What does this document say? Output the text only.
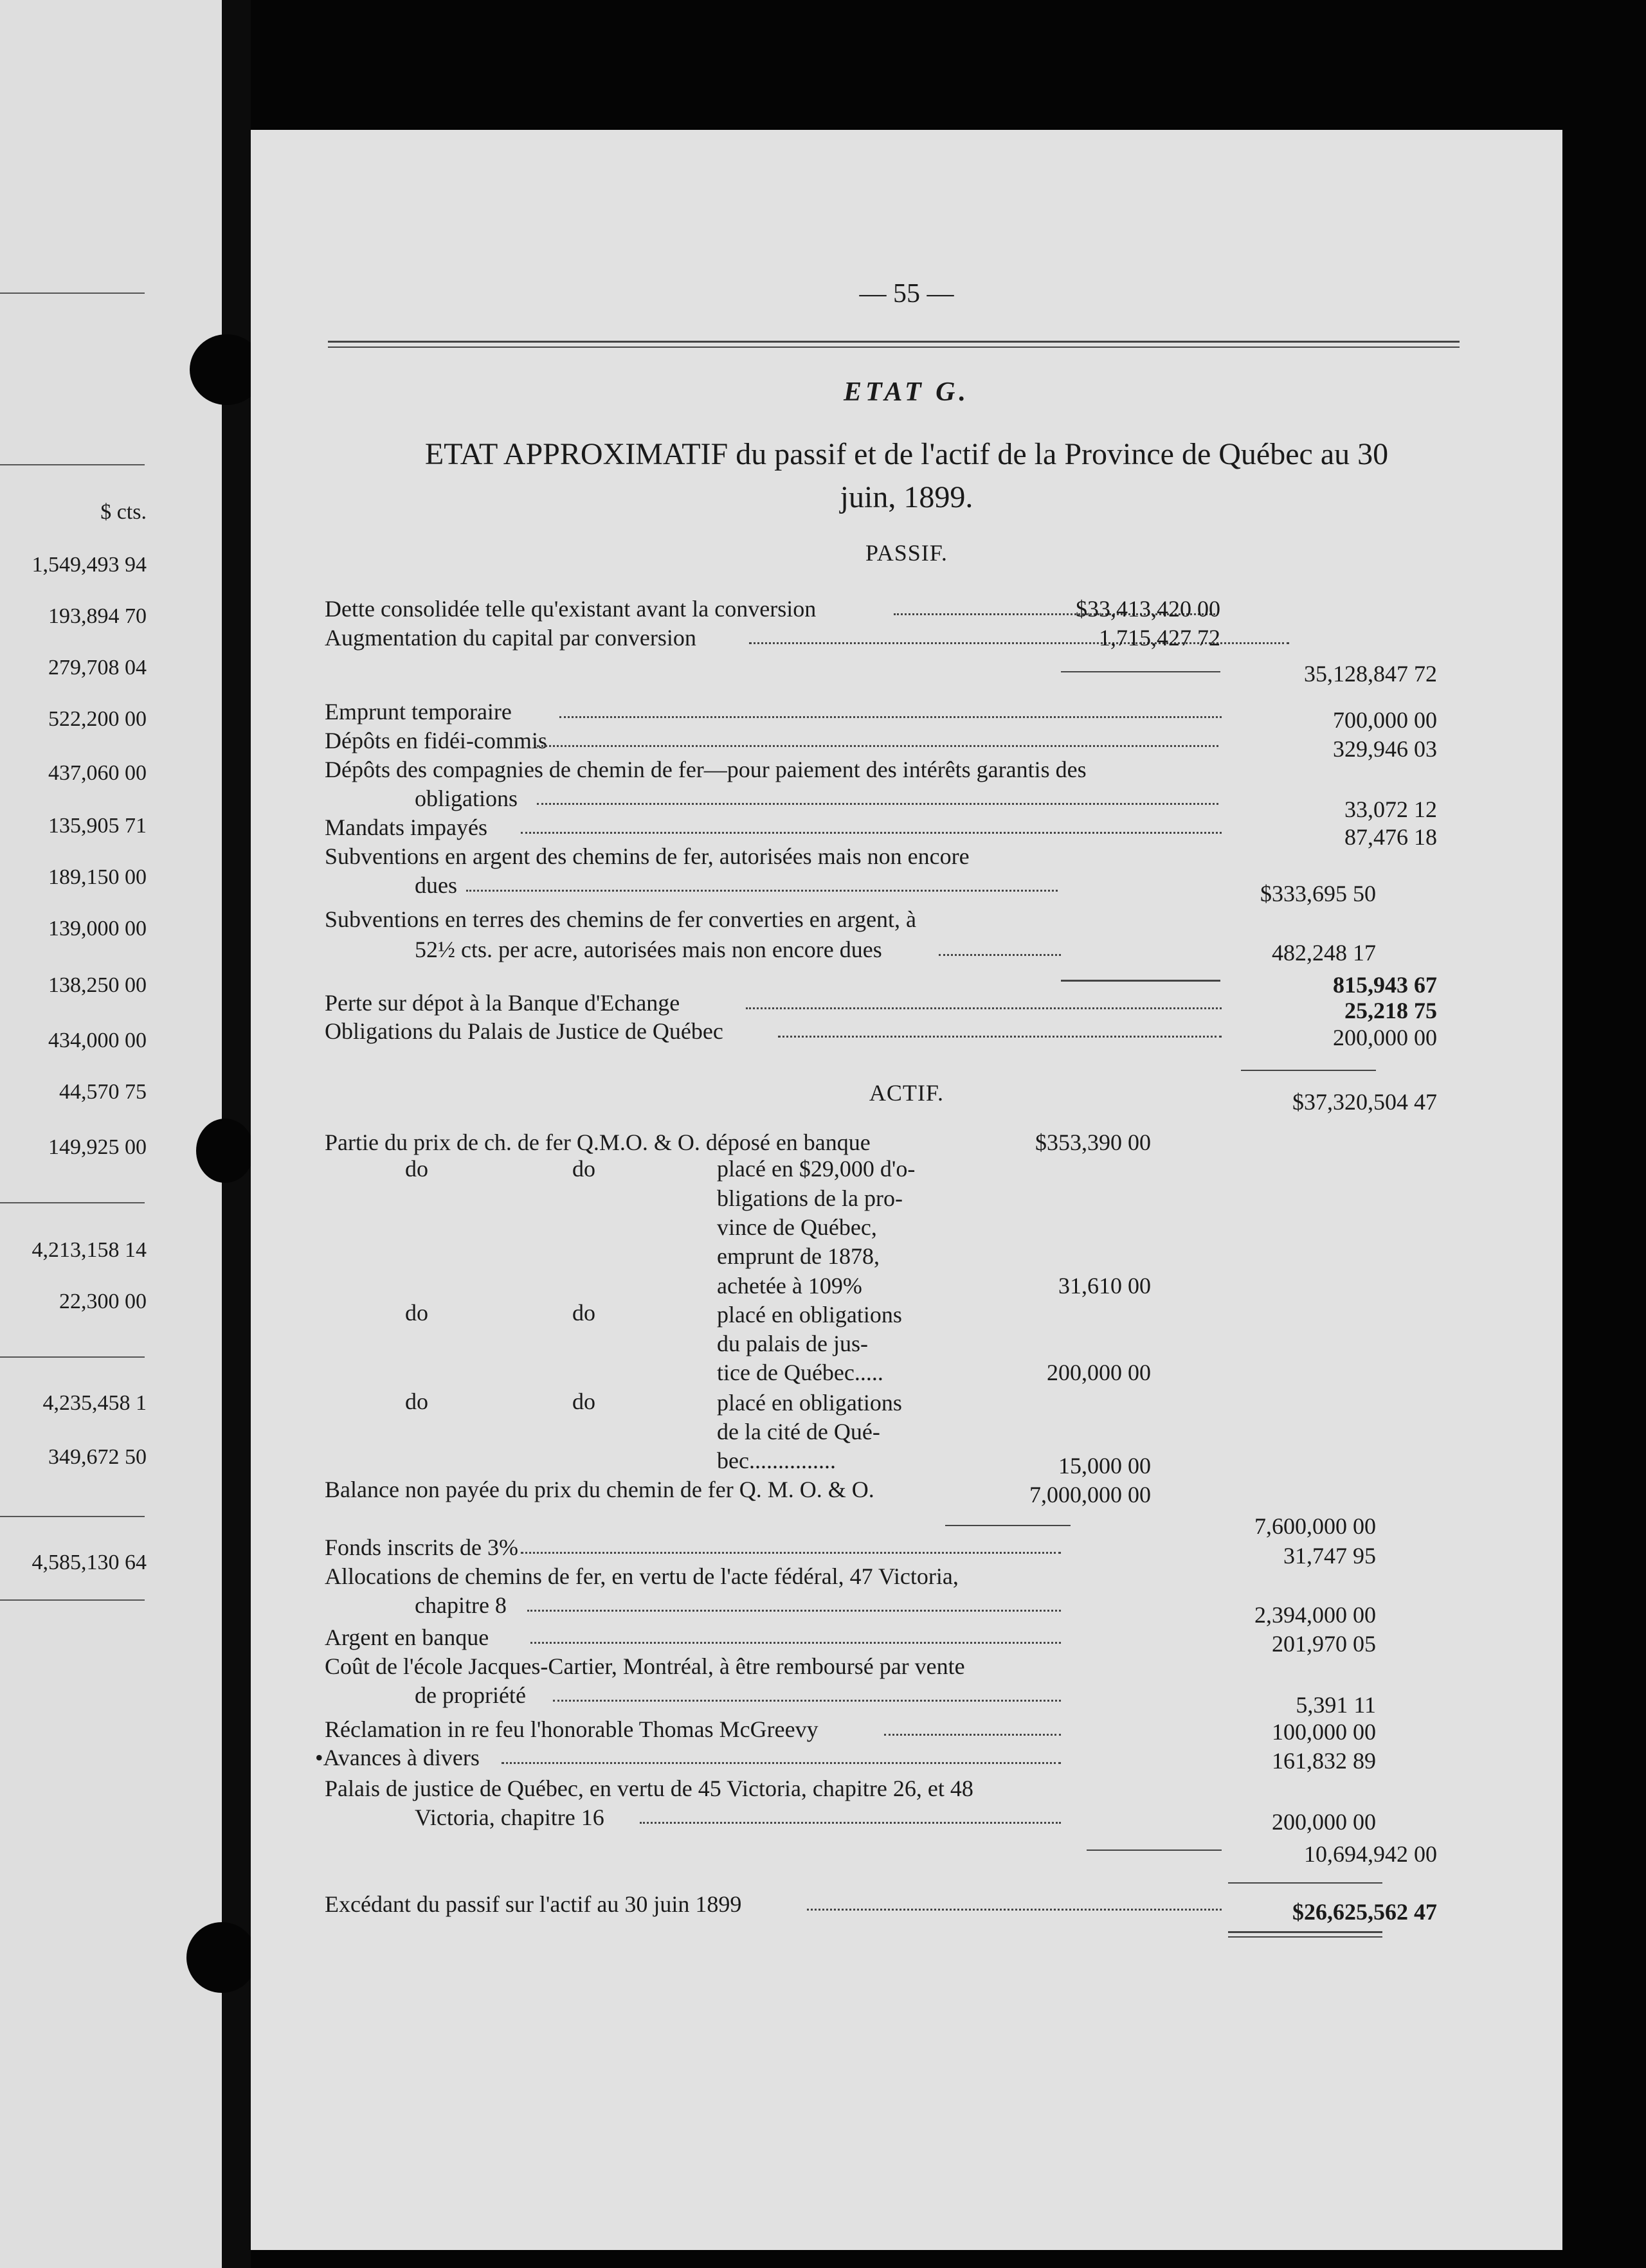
$ cts.
1,549,493 94
193,894 70
279,708 04
522,200 00
437,060 00
135,905 71
189,150 00
139,000 00
138,250 00
434,000 00
44,570 75
149,925 00
4,213,158 14
22,300 00
4,235,458 1
349,672 50
4,585,130 64
— 55 —
ETAT G.
ETAT APPROXIMATIF du passif et de l'actif de la Province de Québec au 30
juin, 1899.
PASSIF.
Dette consolidée telle qu'existant avant la conversion	$33,413,420 00
Augmentation du capital par conversion	1,715,427 72
35,128,847 72
Emprunt temporaire	700,000 00
Dépôts en fidéi-commis	329,946 03
Dépôts des compagnies de chemin de fer—pour paiement des intérêts garantis des
obligations	33,072 12
Mandats impayés	87,476 18
Subventions en argent des chemins de fer, autorisées mais non encore
dues	$333,695 50
Subventions en terres des chemins de fer converties en argent, à
52½ cts. per acre, autorisées mais non encore dues	482,248 17
815,943 67
Perte sur dépot à la Banque d'Echange	25,218 75
Obligations du Palais de Justice de Québec	200,000 00
ACTIF.	$37,320,504 47
Partie du prix de ch. de fer Q.M.O. & O. déposé en banque	$353,390 00
do	do	placé en $29,000 d'o-
bligations de la pro-
vince de Québec,
emprunt de 1878,
achetée à 109%	31,610 00
do	do	placé en obligations
du palais de jus-
tice de Québec.....	200,000 00
do	do	placé en obligations
de la cité de Qué-
bec...............	15,000 00
Balance non payée du prix du chemin de fer Q. M. O. & O.	7,000,000 00
7,600,000 00
Fonds inscrits de 3%	31,747 95
Allocations de chemins de fer, en vertu de l'acte fédéral, 47 Victoria,
chapitre 8	2,394,000 00
Argent en banque	201,970 05
Coût de l'école Jacques-Cartier, Montréal, à être remboursé par vente
de propriété	5,391 11
Réclamation in re feu l'honorable Thomas McGreevy	100,000 00
•Avances à divers	161,832 89
Palais de justice de Québec, en vertu de 45 Victoria, chapitre 26, et 48
Victoria, chapitre 16	200,000 00
10,694,942 00
Excédant du passif sur l'actif au 30 juin 1899	$26,625,562 47
